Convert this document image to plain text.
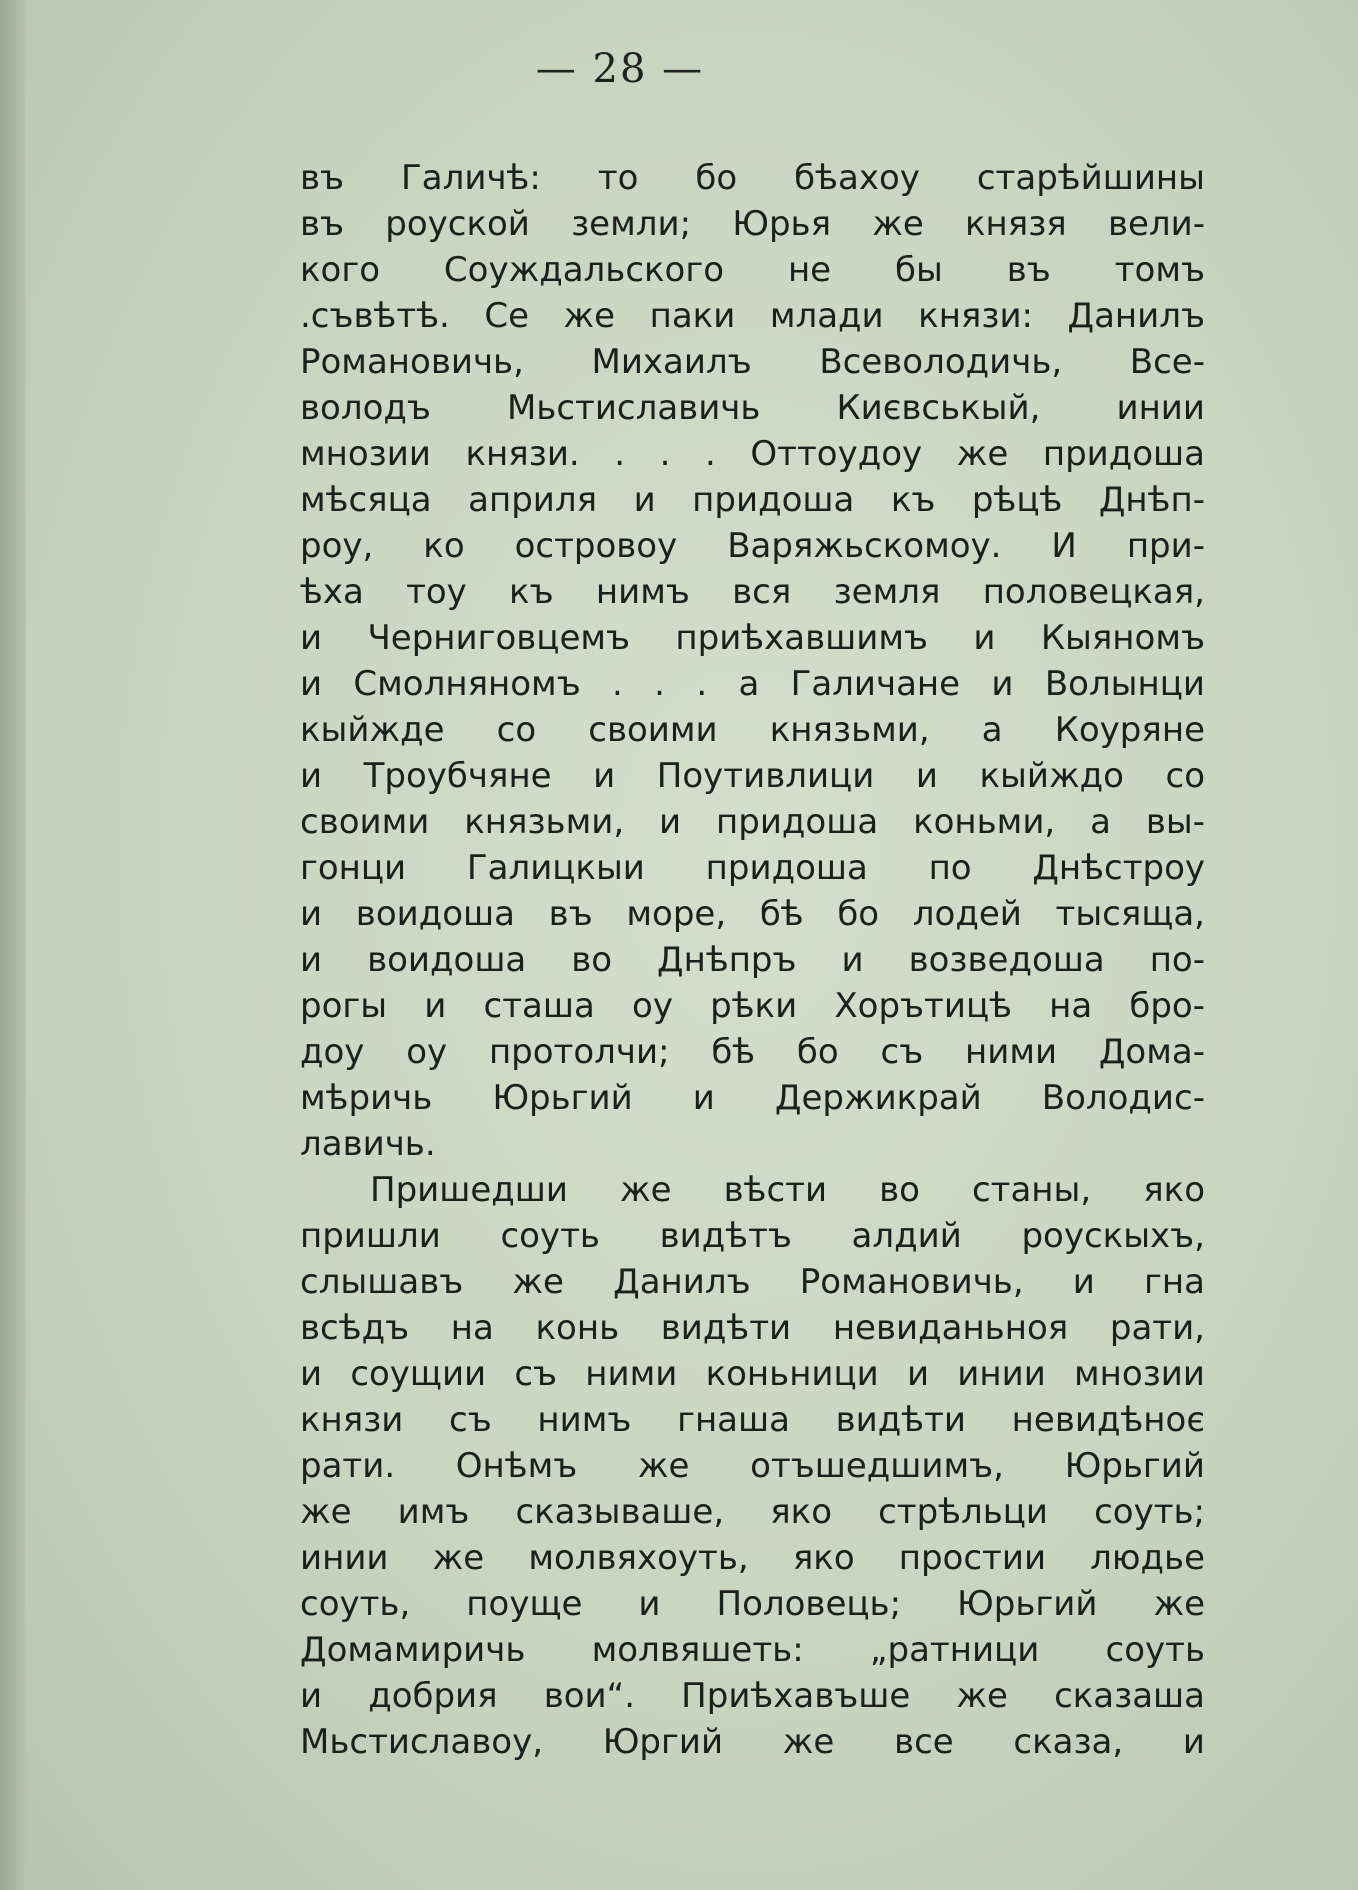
— 28 —
въ Галичѣ: то бо бѣахоу старѣйшины
въ роуской земли; Юрья же князя вели-
кого Соуждальского не бы въ томъ
.съвѣтѣ. Се же паки млади князи: Данилъ
Романовичь, Михаилъ Всеволодичь, Все-
володъ Мьстиславичь Києвськый, инии
мнозии князи. . . . Оттоудоу же придоша
мѣсяца априля и придоша къ рѣцѣ Днѣп-
роу, ко островоу Варяжьскомоу. И при-
ѣха тоу къ нимъ вся земля половецкая,
и Черниговцемъ приѣхавшимъ и Кыяномъ
и Смолняномъ . . . а Галичане и Волынци
кыйжде со своими князьми, а Коуряне
и Троубчяне и Поутивлици и кыйждо со
своими князьми, и придоша коньми, а вы-
гонци Галицкыи придоша по Днѣстроу
и воидоша въ море, бѣ бо лодей тысяща,
и воидоша во Днѣпръ и возведоша по-
рогы и сташа оу рѣки Хорътицѣ на бро-
доу оу протолчи; бѣ бо съ ними Дома-
мѣричь Юрьгий и Держикрай Володис-
лавичь.
Пришедши же вѣсти во станы, яко
пришли соуть видѣтъ алдий роускыхъ,
слышавъ же Данилъ Романовичь, и гна
всѣдъ на конь видѣти невиданьноя рати,
и соущии съ ними коньници и инии мнозии
князи съ нимъ гнаша видѣти невидѣноє
рати. Онѣмъ же отъшедшимъ, Юрьгий
же имъ сказываше, яко стрѣльци соуть;
инии же молвяхоуть, яко простии людье
соуть, поуще и Половець; Юрьгий же
Домамиричь молвяшеть: „ратници соуть
и добрия вои“. Приѣхавъше же сказаша
Мьстиславоу, Юргий же все сказа, и
